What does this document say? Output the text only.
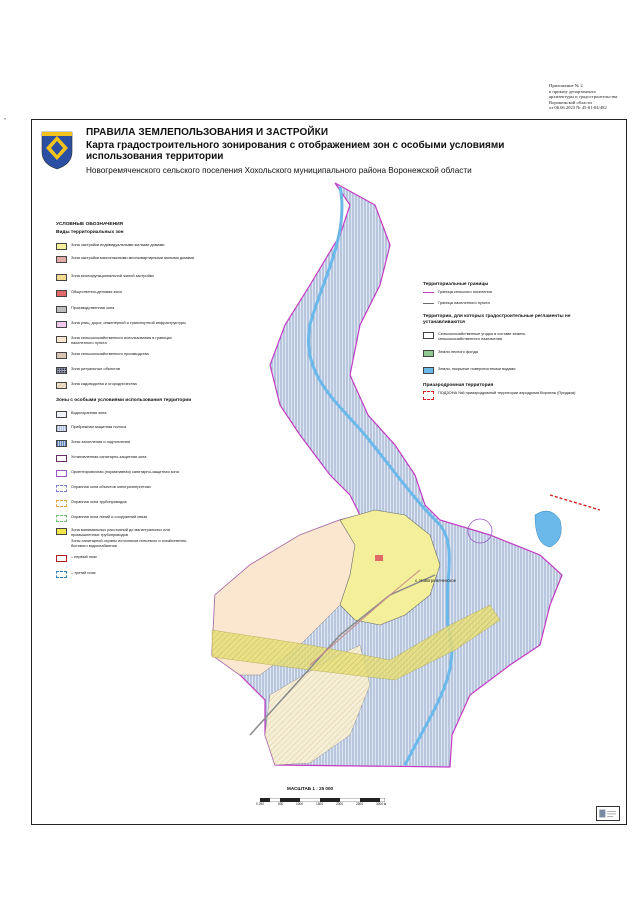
«
Приложение № 2
к приказу департамента
архитектуры и градостроительства
Воронежской области
от 06.06.2023 № 45-01-04/482
ПРАВИЛА ЗЕМЛЕПОЛЬЗОВАНИЯ И ЗАСТРОЙКИ
Карта градостроительного зонирования с отображением зон с особыми условиями использования территории
Новогремяченского сельского поселения Хохольского муниципального района Воронежской области
УСЛОВНЫЕ ОБОЗНАЧЕНИЯ
Виды территориальных зон
Зона застройки индивидуальными жилыми домами
Зона застройки малоэтажными многоквартирными жилыми домами
Зона многофункциональной жилой застройки
Общественно-деловая зона
Производственная зона
Зона улиц, дорог, инженерной и транспортной инфраструктуры
Зона сельскохозяйственного использования в границах населенного пункта
Зона сельскохозяйственного производства
Зона ритуальных объектов
Зона садоводства и огородничества
Зоны с особыми условиями использования территории
Водоохранная зона
Прибрежная защитная полоса
Зоны затопления и подтопления
Установленная санитарно-защитная зона
Ориентировочная (нормативная) санитарно-защитная зона
Охранная зона объектов электроэнергетики
Охранная зона трубопроводов
Охранная зона линий и сооружений связи
Зона минимальных расстояний до магистральных или промышленных трубопроводов
Зоны санитарной охраны источников питьевого и хозяйственно-бытового водоснабжения
– первый пояс
– третий пояс
Территориальные границы
Граница сельского поселения
Граница населенного пункта
Территории, для которых градостроительные регламенты не устанавливаются
Сельскохозяйственные угодья в составе земель сельскохозяйственного назначения
Земли лесного фонда
Земли, покрытые поверхностными водами
Приаэродромная территория
ПОДЗОНА №6 приаэродромной территории аэродрома Воронеж (Придача)
с. Новогремяченское
МАСШТАБ 1 : 25 000
0 250	500	1000	1500	2000	2500	3000 м
